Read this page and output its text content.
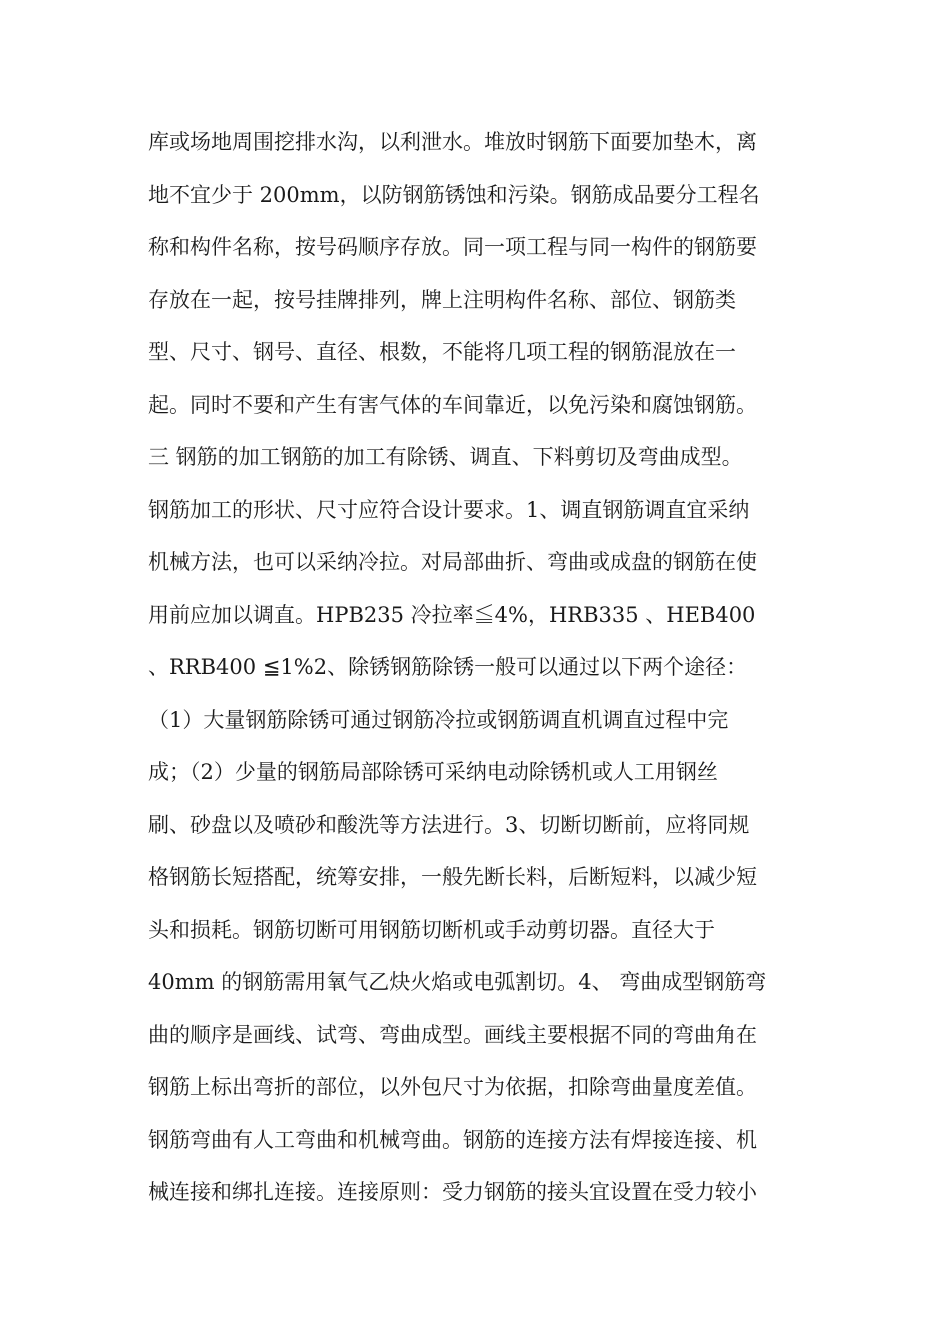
库或场地周围挖排水沟，以利泄水。堆放时钢筋下面要加垫木，离
地不宜少于 200mm，以防钢筋锈蚀和污染。钢筋成品要分工程名
称和构件名称，按号码顺序存放。同一项工程与同一构件的钢筋要
存放在一起，按号挂牌排列，牌上注明构件名称、部位、钢筋类
型、尺寸、钢号、直径、根数，不能将几项工程的钢筋混放在一
起。同时不要和产生有害气体的车间靠近，以免污染和腐蚀钢筋。
三 钢筋的加工钢筋的加工有除锈、调直、下料剪切及弯曲成型。
钢筋加工的形状、尺寸应符合设计要求。1、调直钢筋调直宜采纳
机械方法，也可以采纳冷拉。对局部曲折、弯曲或成盘的钢筋在使
用前应加以调直。HPB235 冷拉率≦4%，HRB335 、HEB400
、RRB400 ≦1%2、除锈钢筋除锈一般可以通过以下两个途径：
（1）大量钢筋除锈可通过钢筋冷拉或钢筋调直机调直过程中完
成；（2）少量的钢筋局部除锈可采纳电动除锈机或人工用钢丝
刷、砂盘以及喷砂和酸洗等方法进行。3、切断切断前，应将同规
格钢筋长短搭配，统筹安排，一般先断长料，后断短料，以减少短
头和损耗。钢筋切断可用钢筋切断机或手动剪切器。直径大于
40mm 的钢筋需用氧气乙炔火焰或电弧割切。4、 弯曲成型钢筋弯
曲的顺序是画线、试弯、弯曲成型。画线主要根据不同的弯曲角在
钢筋上标出弯折的部位，以外包尺寸为依据，扣除弯曲量度差值。
钢筋弯曲有人工弯曲和机械弯曲。钢筋的连接方法有焊接连接、机
械连接和绑扎连接。连接原则：受力钢筋的接头宜设置在受力较小
